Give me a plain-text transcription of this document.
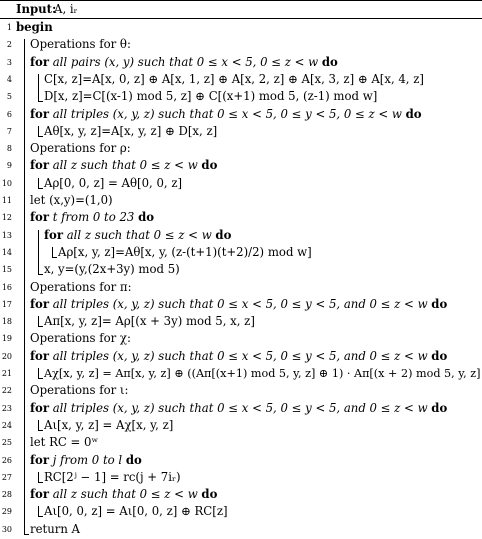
Input:
A, iᵣ
1 begin
2 Operations for θ:
3 for all pairs (x, y) such that 0 ≤ x < 5, 0 ≤ z < w do
4	C[x, z]=A[x, 0, z] ⊕ A[x, 1, z] ⊕ A[x, 2, z] ⊕ A[x, 3, z] ⊕ A[x, 4, z]
5	D[x, z]=C[(x-1) mod 5, z] ⊕ C[(x+1) mod 5, (z-1) mod w]
6 for all triples (x, y, z) such that 0 ≤ x < 5, 0 ≤ y < 5, 0 ≤ z < w do
7	Aθ[x, y, z]=A[x, y, z] ⊕ D[x, z]
8 Operations for ρ:
9 for all z such that 0 ≤ z < w do
10	Aρ[0, 0, z] = Aθ[0, 0, z]
11 let (x,y)=(1,0)
12 for t from 0 to 23 do
13	for all z such that 0 ≤ z < w do
14	Aρ[x, y, z]=Aθ[x, y, (z-(t+1)(t+2)/2) mod w]
15	x, y=(y,(2x+3y) mod 5)
16 Operations for π:
17 for all triples (x, y, z) such that 0 ≤ x < 5, 0 ≤ y < 5, and 0 ≤ z < w do
18	Aπ[x, y, z]= Aρ[(x + 3y) mod 5, x, z]
19 Operations for χ:
20 for all triples (x, y, z) such that 0 ≤ x < 5, 0 ≤ y < 5, and 0 ≤ z < w do
21	Aχ[x, y, z] = Aπ[x, y, z] ⊕ ((Aπ[(x+1) mod 5, y, z] ⊕ 1) · Aπ[(x + 2) mod 5, y, z]
22 Operations for ι:
23 for all triples (x, y, z) such that 0 ≤ x < 5, 0 ≤ y < 5, and 0 ≤ z < w do
24	Aι[x, y, z] = Aχ[x, y, z]
25 let RC = 0ʷ
26 for j from 0 to l do
27	RC[2ʲ − 1] = rc(j + 7iᵣ)
28 for all z such that 0 ≤ z < w do
29	Aι[0, 0, z] = Aι[0, 0, z] ⊕ RC[z]
30 return A
